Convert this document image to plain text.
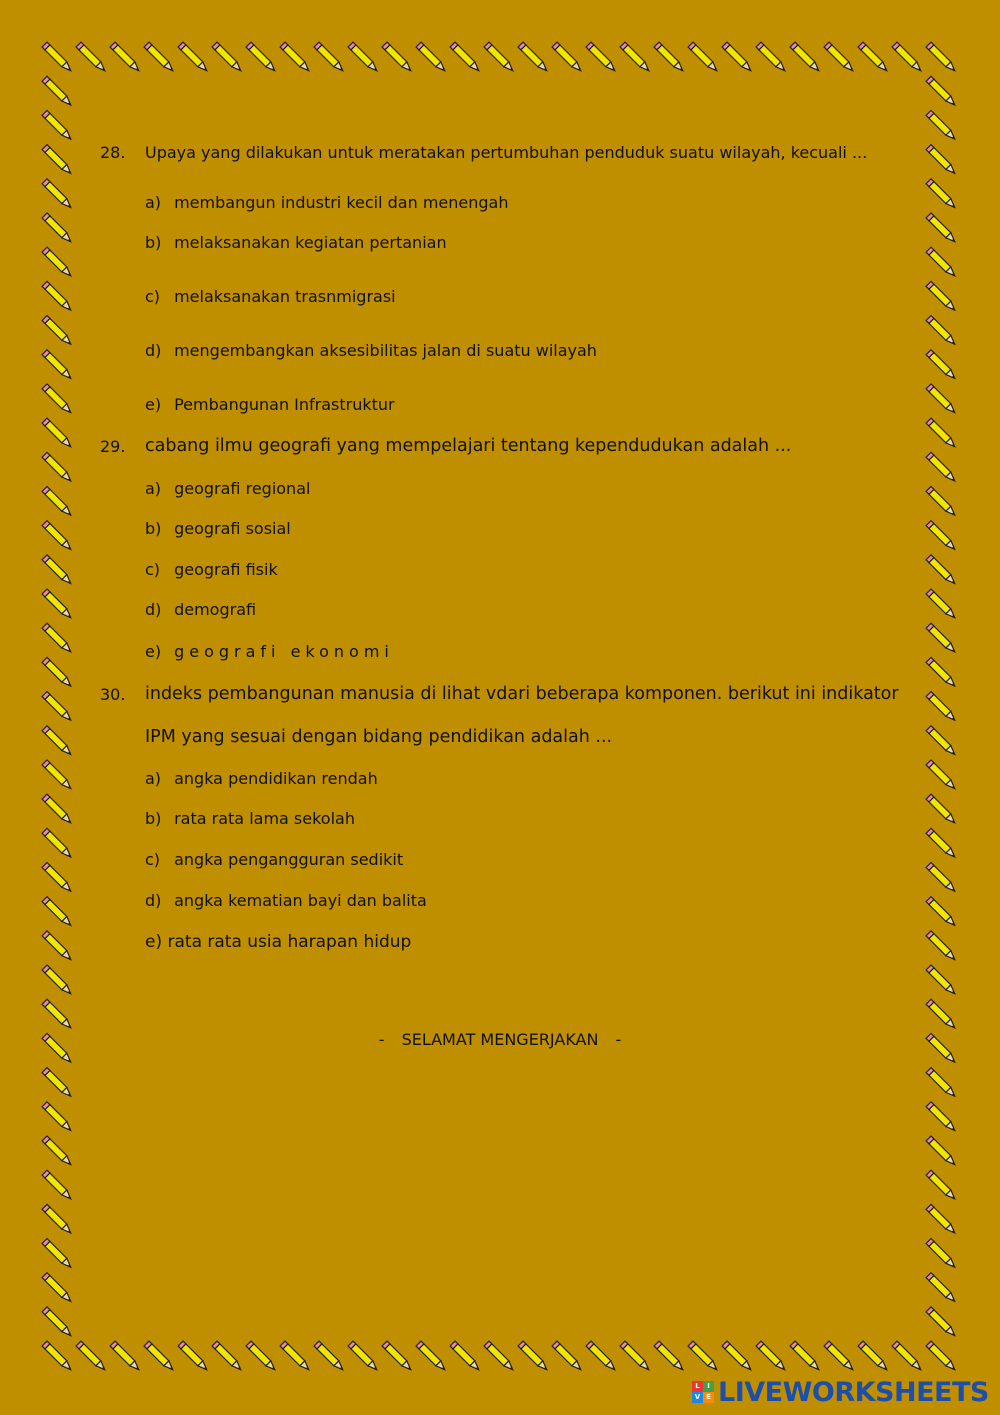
28. Upaya yang dilakukan untuk meratakan pertumbuhan penduduk suatu wilayah, kecuali ...
a) membangun industri kecil dan menengah
b) melaksanakan kegiatan pertanian
c) melaksanakan trasnmigrasi
d) mengembangkan aksesibilitas jalan di suatu wilayah
e) Pembangunan Infrastruktur
29. cabang ilmu geografi yang mempelajari tentang kependudukan adalah ...
a) geografi regional
b) geografi sosial
c) geografi fisik
d) demografi
e) geografi ekonomi
30. indeks pembangunan manusia di lihat vdari beberapa komponen. berikut ini indikator
IPM yang sesuai dengan bidang pendidikan adalah ...
a) angka pendidikan rendah
b) rata rata lama sekolah
c) angka pengangguran sedikit
d) angka kematian bayi dan balita
e) rata rata usia harapan hidup
- SELAMAT MENGERJAKAN -
L	I
V E LIVEWORKSHEETS
